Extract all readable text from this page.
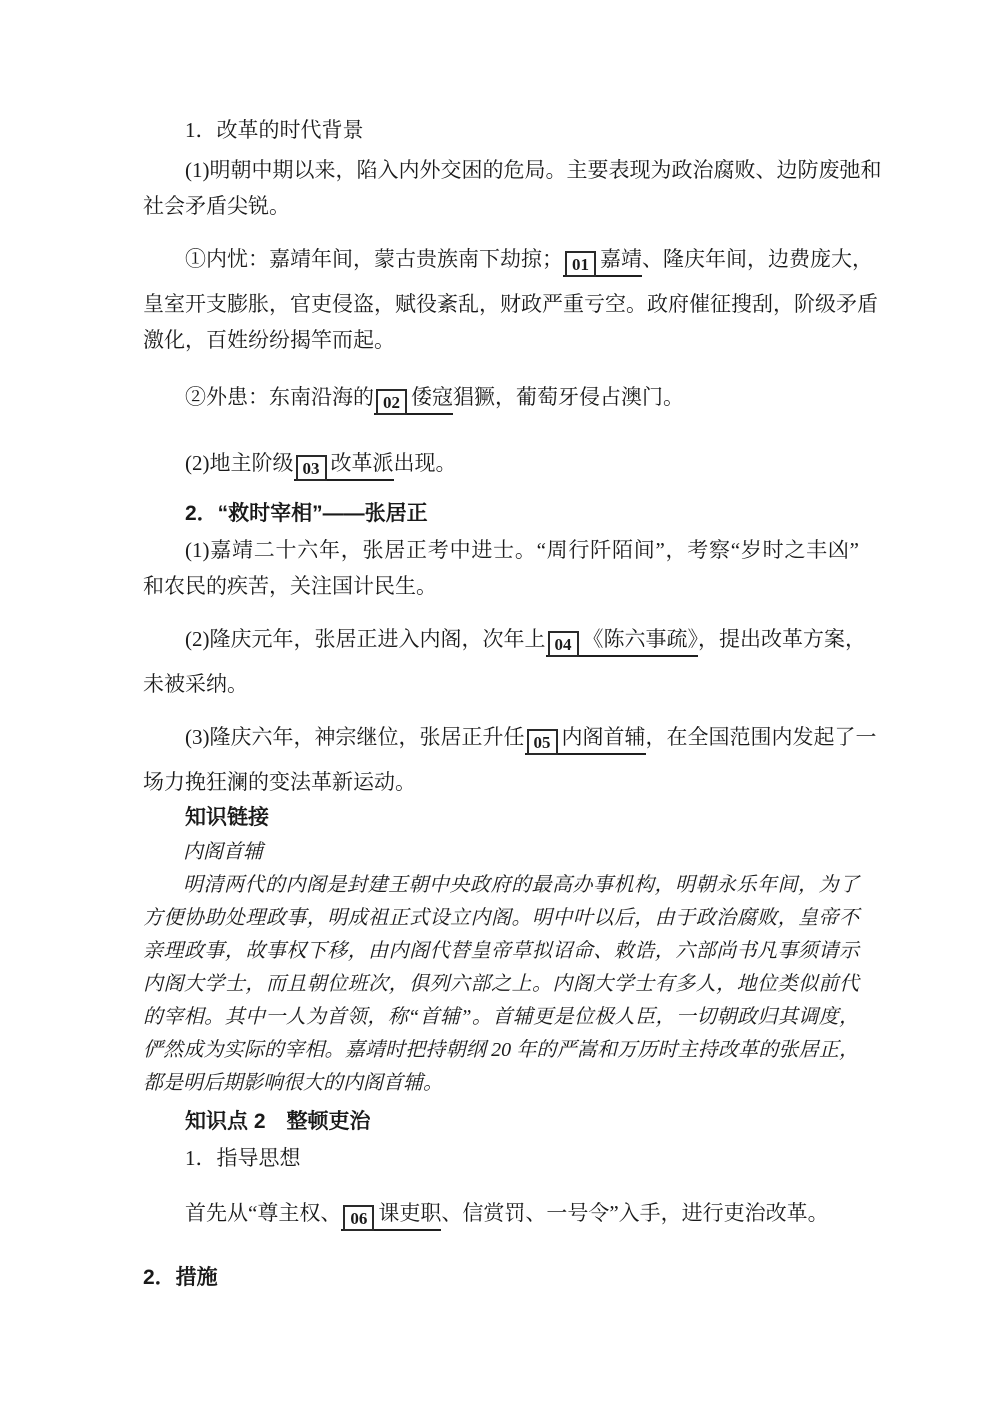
1．改革的时代背景
(1)明朝中期以来，陷入内外交困的危局。主要表现为政治腐败、边防废弛和
社会矛盾尖锐。
①内忧：嘉靖年间，蒙古贵族南下劫掠； 01 嘉靖、隆庆年间，边费庞大，
皇室开支膨胀，官吏侵盗，赋役紊乱，财政严重亏空。政府催征搜刮，阶级矛盾
激化，百姓纷纷揭竿而起。
②外患：东南沿海的 02 倭寇猖獗，葡萄牙侵占澳门。
(2)地主阶级 03 改革派出现。
2．“救时宰相”——张居正
(1)嘉靖二十六年，张居正考中进士。“周行阡陌间”，考察“岁时之丰凶”
和农民的疾苦，关注国计民生。
(2)隆庆元年，张居正进入内阁，次年上 04 《陈六事疏》，提出改革方案，
未被采纳。
(3)隆庆六年，神宗继位，张居正升任 05 内阁首辅，在全国范围内发起了一
场力挽狂澜的变法革新运动。
知识链接
内阁首辅
明清两代的内阁是封建王朝中央政府的最高办事机构，明朝永乐年间，为了
方便协助处理政事，明成祖正式设立内阁。明中叶以后，由于政治腐败，皇帝不
亲理政事，故事权下移，由内阁代替皇帝草拟诏命、敕诰，六部尚书凡事须请示
内阁大学士，而且朝位班次，俱列六部之上。内阁大学士有多人，地位类似前代
的宰相。其中一人为首领，称“首辅”。首辅更是位极人臣，一切朝政归其调度，
俨然成为实际的宰相。嘉靖时把持朝纲 20 年的严嵩和万历时主持改革的张居正，
都是明后期影响很大的内阁首辅。
知识点 2　整顿吏治
1．指导思想
首先从“尊主权、 06 课吏职、信赏罚、一号令”入手，进行吏治改革。
2．措施
